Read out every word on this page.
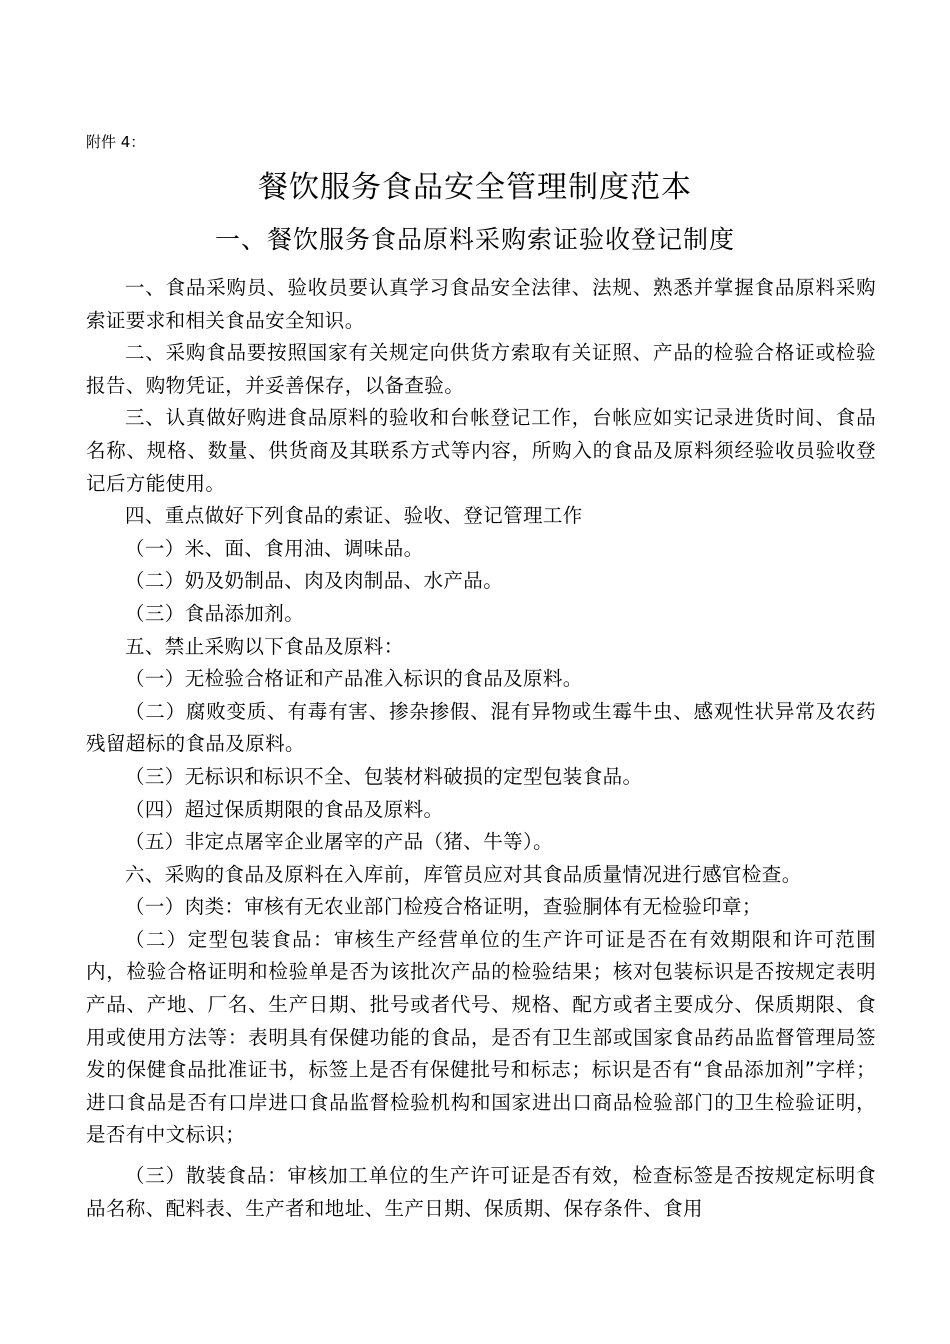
附件 4：
餐饮服务食品安全管理制度范本
一、餐饮服务食品原料采购索证验收登记制度

一、食品采购员、验收员要认真学习食品安全法律、法规、熟悉并掌握食品原料采购索证要求和相关食品安全知识。

二、采购食品要按照国家有关规定向供货方索取有关证照、产品的检验合格证或检验报告、购物凭证，并妥善保存，以备查验。

三、认真做好购进食品原料的验收和台帐登记工作，台帐应如实记录进货时间、食品名称、规格、数量、供货商及其联系方式等内容，所购入的食品及原料须经验收员验收登记后方能使用。

四、重点做好下列食品的索证、验收、登记管理工作

（一）米、面、食用油、调味品。

（二）奶及奶制品、肉及肉制品、水产品。

（三）食品添加剂。

五、禁止采购以下食品及原料：

（一）无检验合格证和产品准入标识的食品及原料。

（二）腐败变质、有毒有害、掺杂掺假、混有异物或生霉牛虫、感观性状异常及农药残留超标的食品及原料。

（三）无标识和标识不全、包装材料破损的定型包装食品。

（四）超过保质期限的食品及原料。

（五）非定点屠宰企业屠宰的产品（猪、牛等）。

六、采购的食品及原料在入库前，库管员应对其食品质量情况进行感官检查。

（一）肉类：审核有无农业部门检疫合格证明，查验胴体有无检验印章；

（二）定型包装食品：审核生产经营单位的生产许可证是否在有效期限和许可范围内，检验合格证明和检验单是否为该批次产品的检验结果；核对包装标识是否按规定表明产品、产地、厂名、生产日期、批号或者代号、规格、配方或者主要成分、保质期限、食用或使用方法等：表明具有保健功能的食品，是否有卫生部或国家食品药品监督管理局签发的保健食品批准证书，标签上是否有保健批号和标志；标识是否有“食品添加剂”字样；进口食品是否有口岸进口食品监督检验机构和国家进出口商品检验部门的卫生检验证明，是否有中文标识；

（三）散装食品：审核加工单位的生产许可证是否有效，检查标签是否按规定标明食品名称、配料表、生产者和地址、生产日期、保质期、保存条件、食用
